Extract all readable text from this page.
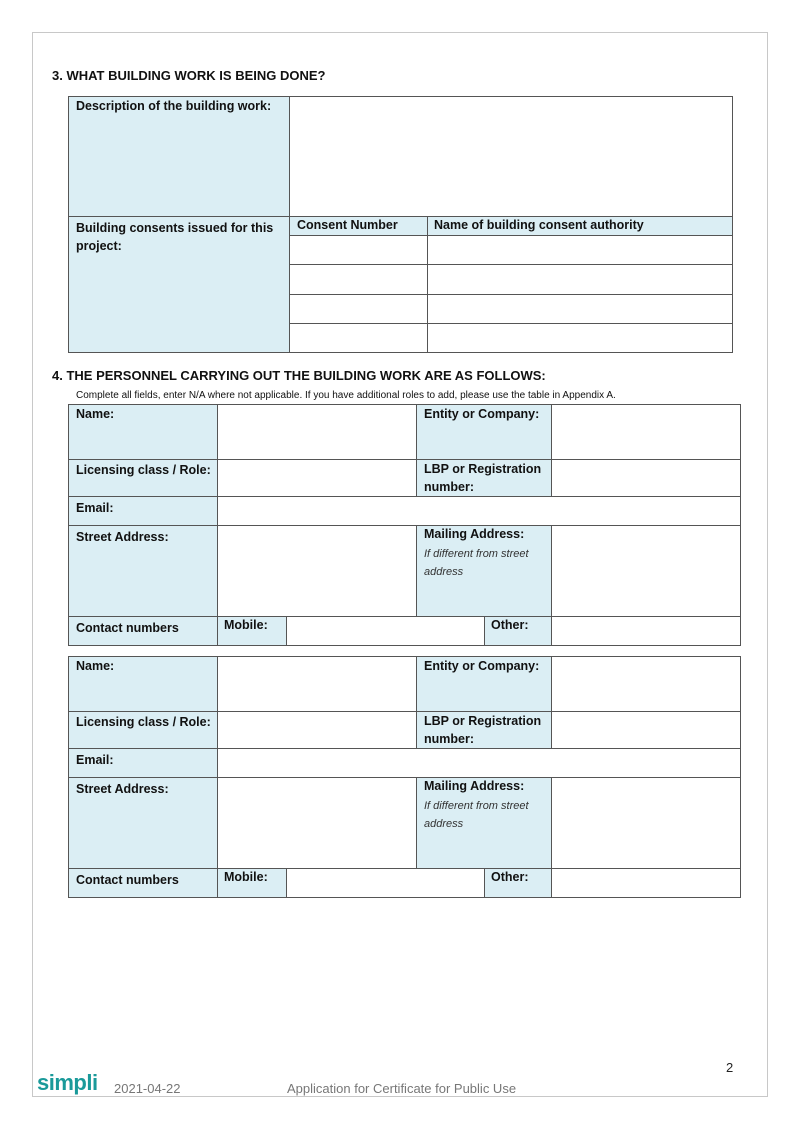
3. WHAT BUILDING WORK IS BEING DONE?
Description of the building work:
Building consents issued for this project:
Consent Number	Name of building consent authority
4. THE PERSONNEL CARRYING OUT THE BUILDING WORK ARE AS FOLLOWS:
Complete all fields, enter N/A where not applicable. If you have additional roles to add, please use the table in Appendix A.
Name:	Entity or Company:
Licensing class / Role:	LBP or Registration number:
Email:
Street Address:	Mailing Address:
If different from street address
Contact numbers	Mobile:	Other:
Name:	Entity or Company:
Licensing class / Role:	LBP or Registration number:
Email:
Street Address:	Mailing Address:
If different from street address
Contact numbers	Mobile:	Other:
2
simpli 2021-04-22	Application for Certificate for Public Use
